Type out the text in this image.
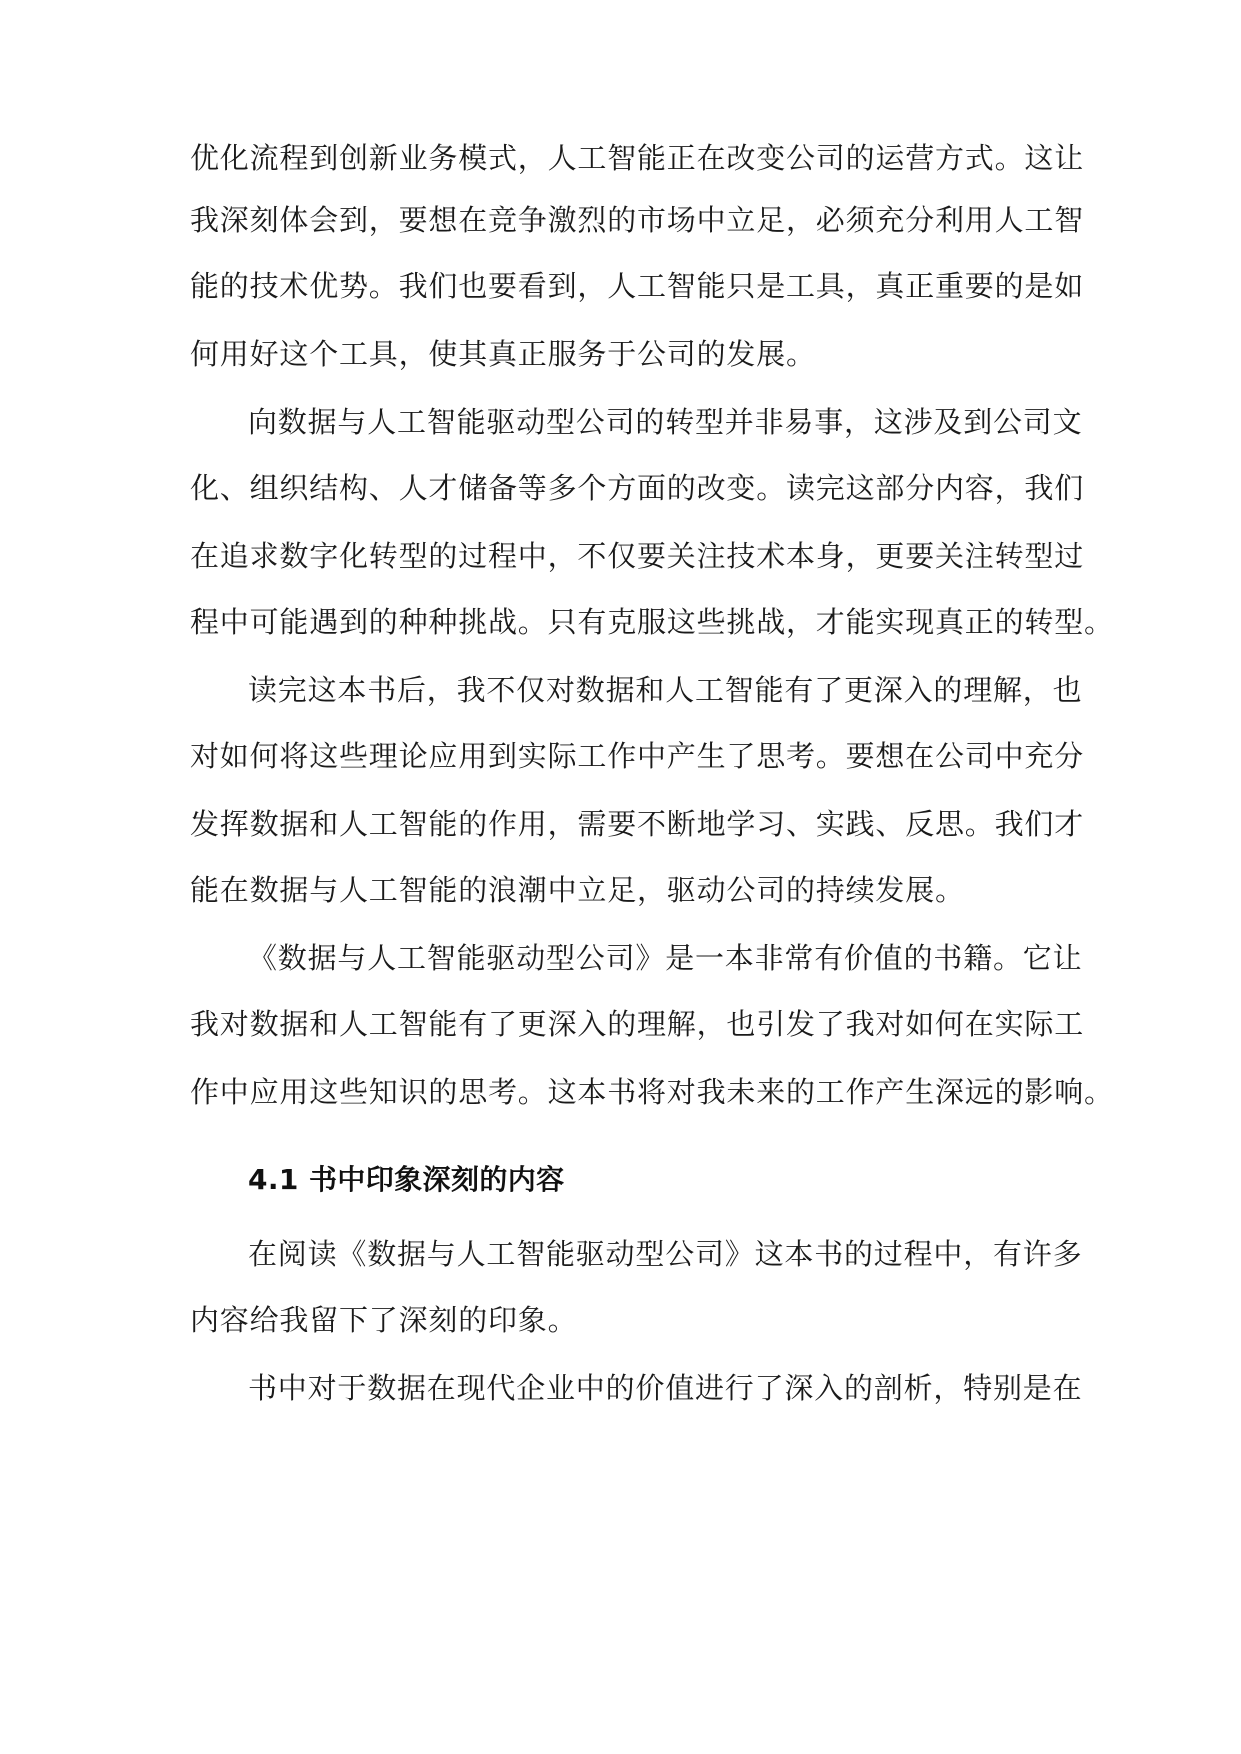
优化流程到创新业务模式，人工智能正在改变公司的运营方式。这让
我深刻体会到，要想在竞争激烈的市场中立足，必须充分利用人工智
能的技术优势。我们也要看到，人工智能只是工具，真正重要的是如
何用好这个工具，使其真正服务于公司的发展。
向数据与人工智能驱动型公司的转型并非易事，这涉及到公司文
化、组织结构、人才储备等多个方面的改变。读完这部分内容，我们
在追求数字化转型的过程中，不仅要关注技术本身，更要关注转型过
程中可能遇到的种种挑战。只有克服这些挑战，才能实现真正的转型。
读完这本书后，我不仅对数据和人工智能有了更深入的理解，也
对如何将这些理论应用到实际工作中产生了思考。要想在公司中充分
发挥数据和人工智能的作用，需要不断地学习、实践、反思。我们才
能在数据与人工智能的浪潮中立足，驱动公司的持续发展。
《数据与人工智能驱动型公司》是一本非常有价值的书籍。它让
我对数据和人工智能有了更深入的理解，也引发了我对如何在实际工
作中应用这些知识的思考。这本书将对我未来的工作产生深远的影响。
4.1 书中印象深刻的内容
在阅读《数据与人工智能驱动型公司》这本书的过程中，有许多
内容给我留下了深刻的印象。
书中对于数据在现代企业中的价值进行了深入的剖析，特别是在
